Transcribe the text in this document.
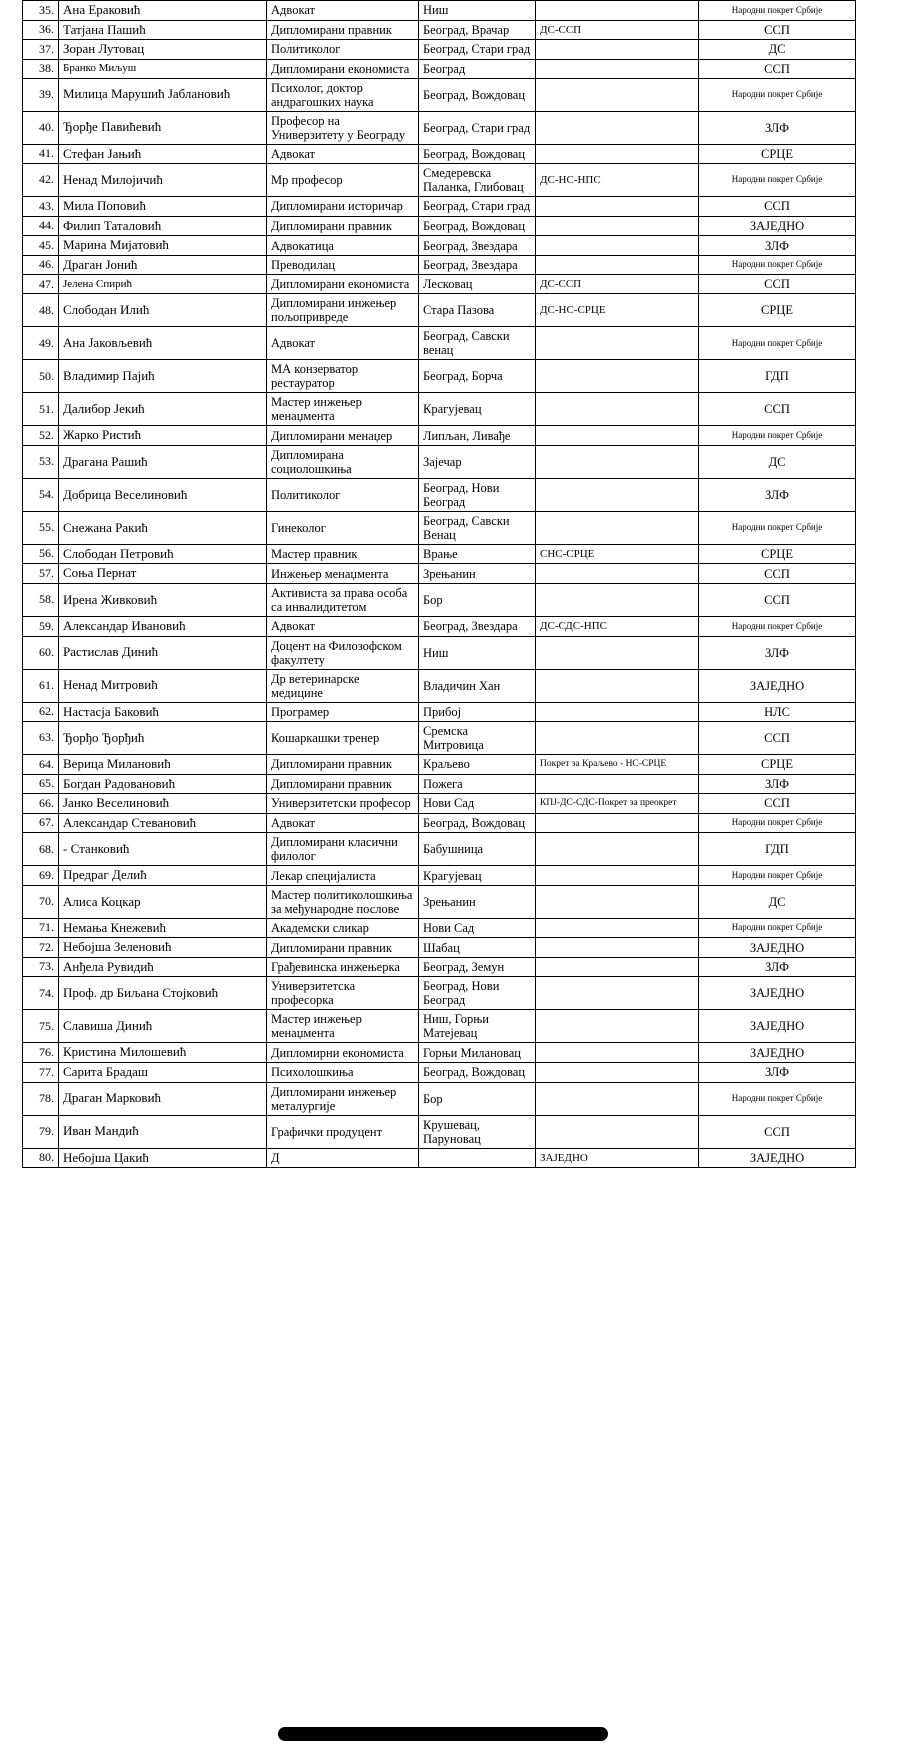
35.	Ана Ераковић	Адвокат	Ниш		Народни покрет Србије
36.	Татјана Пашић	Дипломирани правник	Београд, Врачар	ДС-ССП	ССП
37.	Зоран Лутовац	Политиколог	Београд, Стари град		ДС
38.	Бранко Миљуш	Дипломирани економиста	Београд		ССП
39.	Милица Марушић Јабланoвић	Психолог, доктор андрагошких наука	Београд, Вождовац		Народни покрет Србије
40.	Ђорђе Павићевић	Професор на Универзитету у Београду	Београд, Стари град		ЗЛФ
41.	Стефан Јањић	Адвокат	Београд, Вождовац		СРЦЕ
42.	Ненад Милојичић	Мр професор	Смедеревска Паланка, Глибовац	ДС-НС-НПС	Народни покрет Србије
43.	Мила Поповић	Дипломирани историчар	Београд, Стари град		ССП
44.	Филип Таталовић	Дипломирани правник	Београд, Вождовац		ЗАЈЕДНО
45.	Марина Мијатовић	Адвокатица	Београд, Звездара		ЗЛФ
46.	Драган Јонић	Преводилац	Београд, Звездара		Народни покрет Србије
47.	Јелена Спирић	Дипломирани економиста	Лесковац	ДС-ССП	ССП
48.	Слободан Илић	Дипломирани инжењер пољопривреде	Стара Пазова	ДС-НС-СРЦЕ	СРЦЕ
49.	Ана Јаковљевић	Адвокат	Београд, Савски венац		Народни покрет Србије
50.	Владимир Пајић	МА конзерватор рестауратор	Београд, Борча		ГДП
51.	Далибор Јекић	Мастер инжењер менаџмента	Крагујевац		ССП
52.	Жарко Ристић	Дипломирани менаџер	Липљан, Ливађе		Народни покрет Србије
53.	Драгана Рашић	Дипломирана социолошкиња	Зајечар		ДС
54.	Добрица Веселиновић	Политиколог	Београд, Нови Београд		ЗЛФ
55.	Снежана Ракић	Гинеколог	Београд, Савски Венац		Народни покрет Србије
56.	Слободан Петровић	Мастер правник	Врање	СНС-СРЦЕ	СРЦЕ
57.	Соња Пернат	Инжењер менаџмента	Зрењанин		ССП
58.	Ирена Живковић	Активиста за права особа са инвалидитетом	Бор		ССП
59.	Александар Ивановић	Адвокат	Београд, Звездара	ДС-СДС-НПС	Народни покрет Србије
60.	Растислав Динић	Доцент на Филозофском факултету	Ниш		ЗЛФ
61.	Ненад Митровић	Др ветеринарске медицине	Владичин Хан		ЗАЈЕДНО
62.	Настасја Баковић	Програмер	Прибој		НЛС
63.	Ђорђо Ђорђић	Кошаркашки тренер	Сремска Митровица		ССП
64.	Верица Милановић	Дипломирани правник	Краљево	Покрет за Краљево - НС-СРЦЕ	СРЦЕ
65.	Богдан Радовановић	Дипломирани правник	Пожега		ЗЛФ
66.	Јанко Веселиновић	Универзитетски професор	Нови Сад	КПЈ-ДС-СДС-Покрет за преокрет	ССП
67.	Александар Стевановић	Адвокат	Београд, Вождовац		Народни покрет Србије
68.	- Станковић	Дипломирани класични филолог	Бабушница		ГДП
69.	Предраг Делић	Лекар специјалиста	Крагујевац		Народни покрет Србије
70.	Алиса Коцкар	Мастер политиколошкиња за међународне послове	Зрењанин		ДС
71.	Немања Кнежевић	Академски сликар	Нови Сад		Народни покрет Србије
72.	Небојша Зеленовић	Дипломирани правник	Шабац		ЗАЈЕДНО
73.	Анђела Рувидић	Грађевинска инжењерка	Београд, Земун		ЗЛФ
74.	Проф. др Биљана Стојковић	Универзитетска професорка	Београд, Нови Београд		ЗАЈЕДНО
75.	Славиша Динић	Мастер инжењер менаџмента	Ниш, Горњи Матејевац		ЗАЈЕДНО
76.	Кристина Милошевић	Дипломирни економиста	Горњи Милановац		ЗАЈЕДНО
77.	Сарита Брадаш	Психолошкиња	Београд, Вождовац		ЗЛФ
78.	Драган Марковић	Дипломирани инжењер металургије	Бор		Народни покрет Србије
79.	Иван Мандић	Графички продуцент	Крушевац, Паруновац		ССП
80.	Небојша Цакић	Д		ЗАЈЕДНО	ЗАЈЕДНО
